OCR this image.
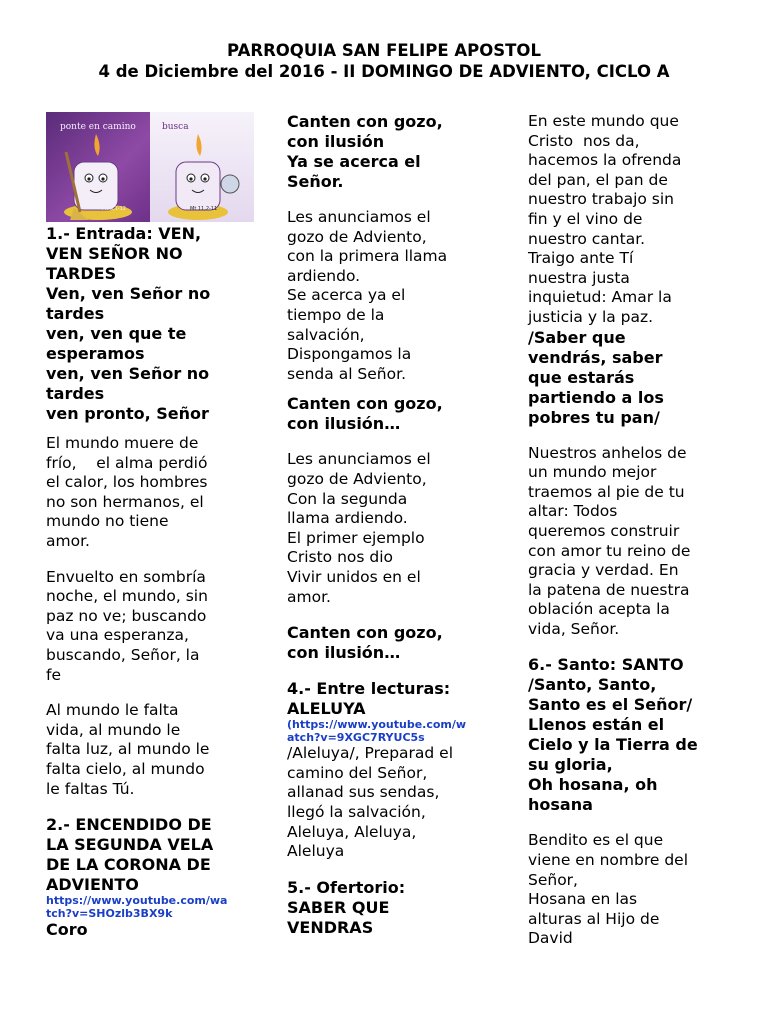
PARROQUIA SAN FELIPE APOSTOL
4 de Diciembre del 2016 - II DOMINGO DE ADVIENTO, CICLO A
busca
Mt 11,2-11
ponte en camino
Mt 3,1-12
1.- Entrada: VEN,
VEN SEÑOR NO
TARDES
Ven, ven Señor no
tardes
ven, ven que te
esperamos
ven, ven Señor no
tardes
ven pronto, Señor
El mundo muere de
frío,    el alma perdió
el calor, los hombres
no son hermanos, el
mundo no tiene
amor.
Envuelto en sombría
noche, el mundo, sin
paz no ve; buscando
va una esperanza,
buscando, Señor, la
fe
Al mundo le falta
vida, al mundo le
falta luz, al mundo le
falta cielo, al mundo
le faltas Tú.
2.- ENCENDIDO DE
LA SEGUNDA VELA
DE LA CORONA DE
ADVIENTO
https://www.youtube.com/wa
tch?v=SHOzlb3BX9k
Coro
Canten con gozo,
con ilusión
Ya se acerca el
Señor.
Les anunciamos el
gozo de Adviento,
con la primera llama
ardiendo.
Se acerca ya el
tiempo de la
salvación,
Dispongamos la
senda al Señor.
Canten con gozo,
con ilusión…
Les anunciamos el
gozo de Adviento,
Con la segunda
llama ardiendo.
El primer ejemplo
Cristo nos dio
Vivir unidos en el
amor.
Canten con gozo,
con ilusión…
4.- Entre lecturas:
ALELUYA
(https://www.youtube.com/w
atch?v=9XGC7RYUC5s
/Aleluya/, Preparad el
camino del Señor,
allanad sus sendas,
llegó la salvación,
Aleluya, Aleluya,
Aleluya
5.- Ofertorio:
SABER QUE
VENDRAS
En este mundo que
Cristo  nos da,
hacemos la ofrenda
del pan, el pan de
nuestro trabajo sin
fin y el vino de
nuestro cantar.
Traigo ante Tí
nuestra justa
inquietud: Amar la
justicia y la paz.
/Saber que
vendrás, saber
que estarás
partiendo a los
pobres tu pan/
Nuestros anhelos de
un mundo mejor
traemos al pie de tu
altar: Todos
queremos construir
con amor tu reino de
gracia y verdad. En
la patena de nuestra
oblación acepta la
vida, Señor.
6.- Santo: SANTO
/Santo, Santo,
Santo es el Señor/
Llenos están el
Cielo y la Tierra de
su gloria,
Oh hosana, oh
hosana
Bendito es el que
viene en nombre del
Señor,
Hosana en las
alturas al Hijo de
David
